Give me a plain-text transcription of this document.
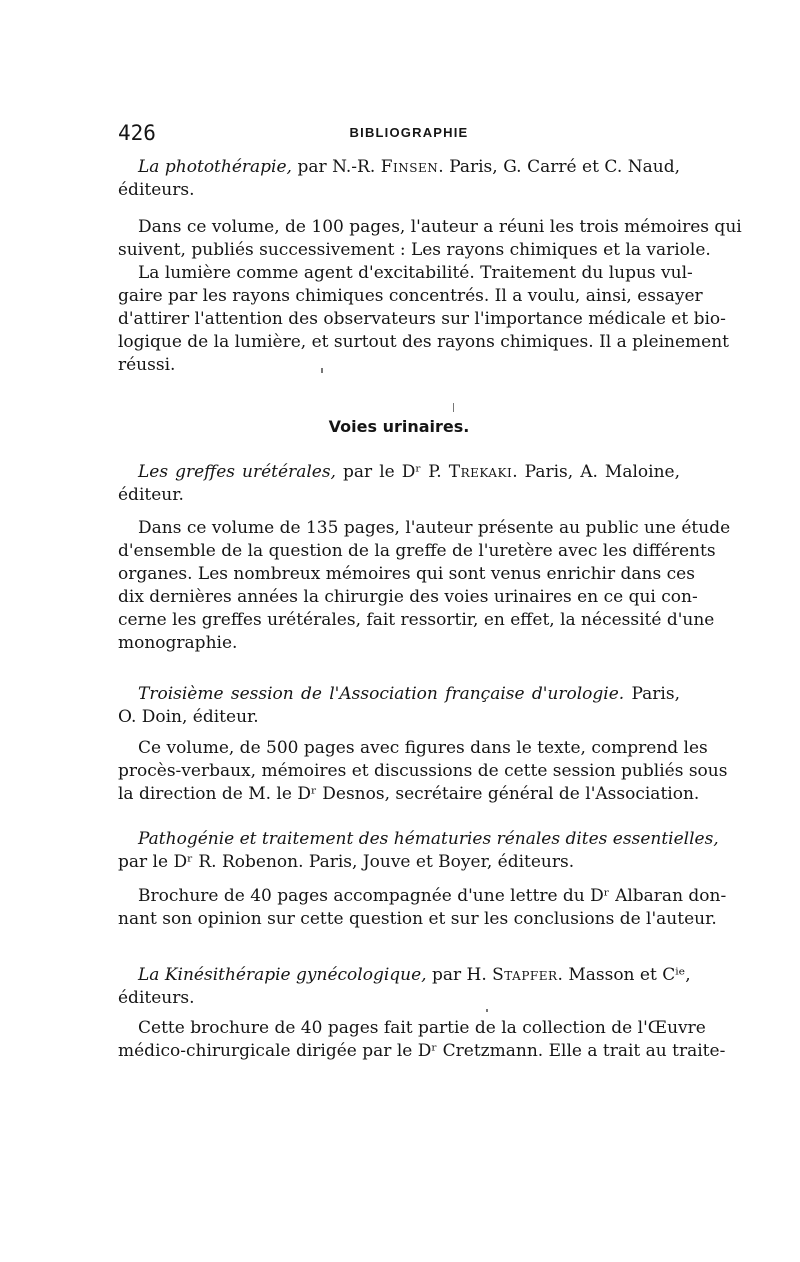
426	BIBLIOGRAPHIE
La photothérapie, par N.-R. Finsen. Paris, G. Carré et C. Naud,
éditeurs.
Dans ce volume, de 100 pages, l'auteur a réuni les trois mémoires qui
suivent, publiés successivement : Les rayons chimiques et la variole.
La lumière comme agent d'excitabilité. Traitement du lupus vul-
gaire par les rayons chimiques concentrés. Il a voulu, ainsi, essayer
d'attirer l'attention des observateurs sur l'importance médicale et bio-
logique de la lumière, et surtout des rayons chimiques. Il a pleinement
réussi.
Voies urinaires.
Les greffes urétérales, par le Dʳ P. Trekaki. Paris, A. Maloine,
éditeur.
Dans ce volume de 135 pages, l'auteur présente au public une étude
d'ensemble de la question de la greffe de l'uretère avec les différents
organes. Les nombreux mémoires qui sont venus enrichir dans ces
dix dernières années la chirurgie des voies urinaires en ce qui con-
cerne les greffes urétérales, fait ressortir, en effet, la nécessité d'une
monographie.
Troisième session de l'Association française d'urologie. Paris,
O. Doin, éditeur.
Ce volume, de 500 pages avec figures dans le texte, comprend les
procès-verbaux, mémoires et discussions de cette session publiés sous
la direction de M. le Dʳ Desnos, secrétaire général de l'Association.
Pathogénie et traitement des hématuries rénales dites essentielles,
par le Dʳ R. Robenon. Paris, Jouve et Boyer, éditeurs.
Brochure de 40 pages accompagnée d'une lettre du Dʳ Albaran don-
nant son opinion sur cette question et sur les conclusions de l'auteur.
La Kinésithérapie gynécologique, par H. Stapfer. Masson et Cⁱᵉ,
éditeurs.
Cette brochure de 40 pages fait partie de la collection de l'Œuvre
médico-chirurgicale dirigée par le Dʳ Cretzmann. Elle a trait au traite-
